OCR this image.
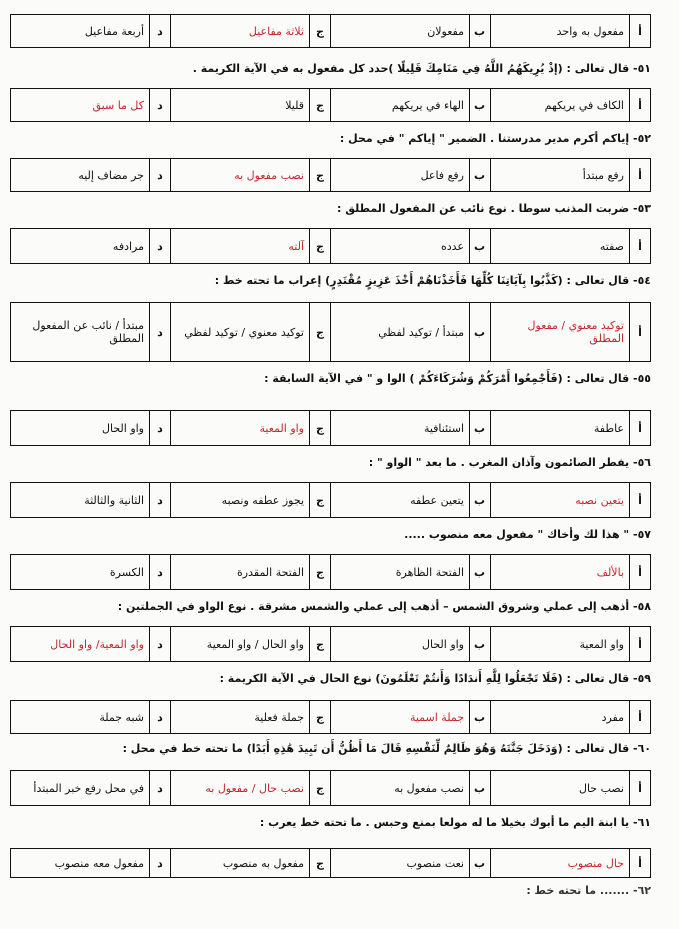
أ	مفعول به واحد	ب	مفعولان	ج	ثلاثة مفاعيل	د	أربعة مفاعيل
٥١- قال تعالى : (إذْ يُرِيكَهُمُ اللَّهُ فِي مَنَامِكَ قَلِيلًا )حدد كل مفعول به في الآية الكريمة .
أ	الكاف في يريكهم	ب	الهاء في يريكهم	ج	قليلا	د	كل ما سبق
٥٢- إياكم أكرم مدير مدرستنا . الضمير " إياكم " في محل :
أ	رفع مبتدأ	ب	رفع فاعل	ج	نصب مفعول به	د	جر مضاف إليه
٥٣- ضربت المذنب سوطا . نوع نائب عن المفعول المطلق :
أ	صفته	ب	عدده	ج	آلته	د	مرادفه
٥٤- قال تعالى : (كَذَّبُوا بِآيَاتِنَا كُلِّهَا فَأَخَذْنَاهُمْ أَخْذَ عَزِيزٍ مُقْتَدِرٍ) إعراب ما تحته خط :
أ	توكيد معنوي / مفعول المطلق	ب	مبتدأ / توكيد لفظي	ج	توكيد معنوي / توكيد لفظي	د	مبتدأ / نائب عن المفعول المطلق
٥٥- قال تعالى : (فَأَجْمِعُوا أَمْرَكُمْ وَشُرَكَاءَكُمْ ) الوا و " في الآية السابقة :
أ	عاطفة	ب	استئنافية	ج	واو المعية	د	واو الحال
٥٦- يفطر الصائمون وآذان المغرب . ما بعد " الواو " :
أ	يتعين نصبه	ب	يتعين عطفه	ج	يجوز عطفه ونصبه	د	الثانية والثالثة
٥٧- " هذا لك وأخاك " مفعول معه منصوب .....
أ	بالألف	ب	الفتحة الظاهرة	ج	الفتحة المقدرة	د	الكسرة
٥٨- أذهب إلى عملي وشروق الشمس – أذهب إلى عملي والشمس مشرقة . نوع الواو في الجملتين :
أ	واو المعية	ب	واو الحال	ج	واو الحال / واو المعية	د	واو المعية/ واو الحال
٥٩- قال تعالى : (فَلَا تَجْعَلُوا لِلَّهِ أَندَادًا وَأَنتُمْ تَعْلَمُونَ) نوع الحال في الآية الكريمة :
أ	مفرد	ب	جملة اسمية	ج	جملة فعلية	د	شبه جملة
٦٠- قال تعالى : (وَدَخَلَ جَنَّتَهُ وَهُوَ ظَالِمٌ لِّنَفْسِهِ قَالَ مَا أَظُنُّ أَن تَبِيدَ هَٰذِهِ أَبَدًا) ما تحته خط في محل :
أ	نصب حال	ب	نصب مفعول به	ج	نصب حال / مفعول به	د	في محل رفع خبر المبتدأ
٦١- يا ابنة اليم ما أبوك بخيلا ما له مولعا بمنع وحبس . ما تحته خط يعرب :
أ	حال منصوب	ب	نعت منصوب	ج	مفعول به منصوب	د	مفعول معه منصوب
٦٢- ....... ما تحته خط :
